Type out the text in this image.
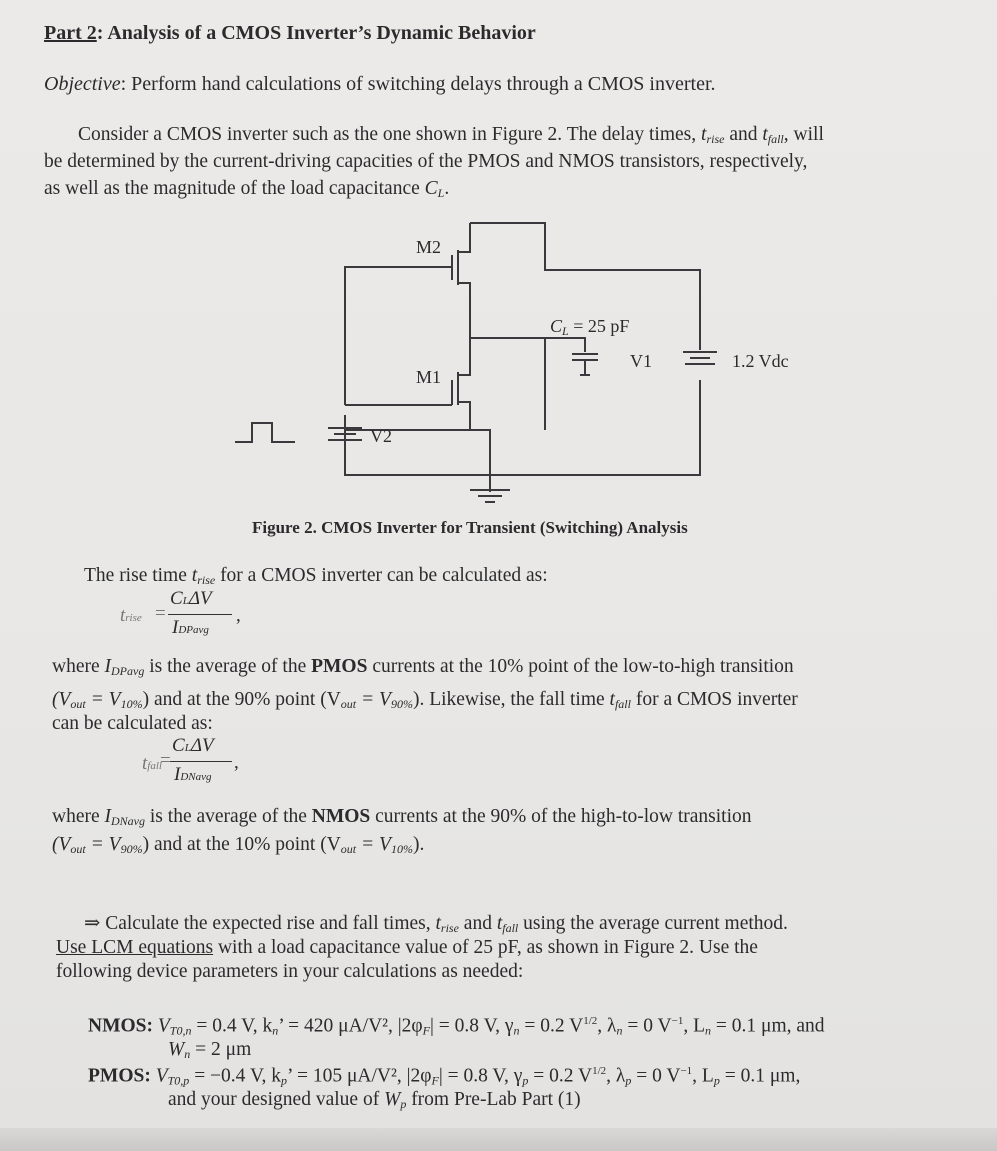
Part 2: Analysis of a CMOS Inverter’s Dynamic Behavior
Objective: Perform hand calculations of switching delays through a CMOS inverter.
Consider a CMOS inverter such as the one shown in Figure 2. The delay times, $t_{rise}$ and $t_{fall}$, will
be determined by the current-driving capacities of the PMOS and NMOS transistors, respectively,
as well as the magnitude of the load capacitance $C_L$.
M2
M1
CL = 25 pF
V1	1.2 Vdc
V2
Figure 2. CMOS Inverter for Transient (Switching) Analysis
The rise time $t_{rise}$ for a CMOS inverter can be calculated as:
trise =
CLΔV
IDPavg
,
where $I_{DPavg}$ is the average of the PMOS currents at the 10% point of the low-to-high transition
$(V_{out} = V_{10\%})$ and at the 90% point $(V_{out} = V_{90\%})$. Likewise, the fall time $t_{fall}$ for a CMOS inverter
can be calculated as:
tfall
=
CLΔV
IDNavg
,
where $I_{DNavg}$ is the average of the NMOS currents at the 90% of the high-to-low transition
$(V_{out} = V_{90\%})$ and at the 10% point $(V_{out} = V_{10\%})$.
⇒ Calculate the expected rise and fall times, $t_{rise}$ and $t_{fall}$ using the average current method.
Use LCM equations with a load capacitance value of 25 pF, as shown in Figure 2. Use the
following device parameters in your calculations as needed:
NMOS: $V_{T0,n} = 0.4$ V, $k_n$’ = 420 μA/V², $|2\varphi_F| = 0.8$ V, $\gamma_n = 0.2$ $V^{1/2}$, $\lambda_n = 0$ $V^{-1}$, $L_n = 0.1$ μm, and
$W_n = 2$ μm
PMOS: $V_{T0,p} = -0.4$ V, $k_p$’ = 105 μA/V², $|2\varphi_F| = 0.8$ V, $\gamma_p = 0.2$ $V^{1/2}$, $\lambda_p = 0$ $V^{-1}$, $L_p = 0.1$ μm,
and your designed value of $W_p$ from Pre-Lab Part (1)
